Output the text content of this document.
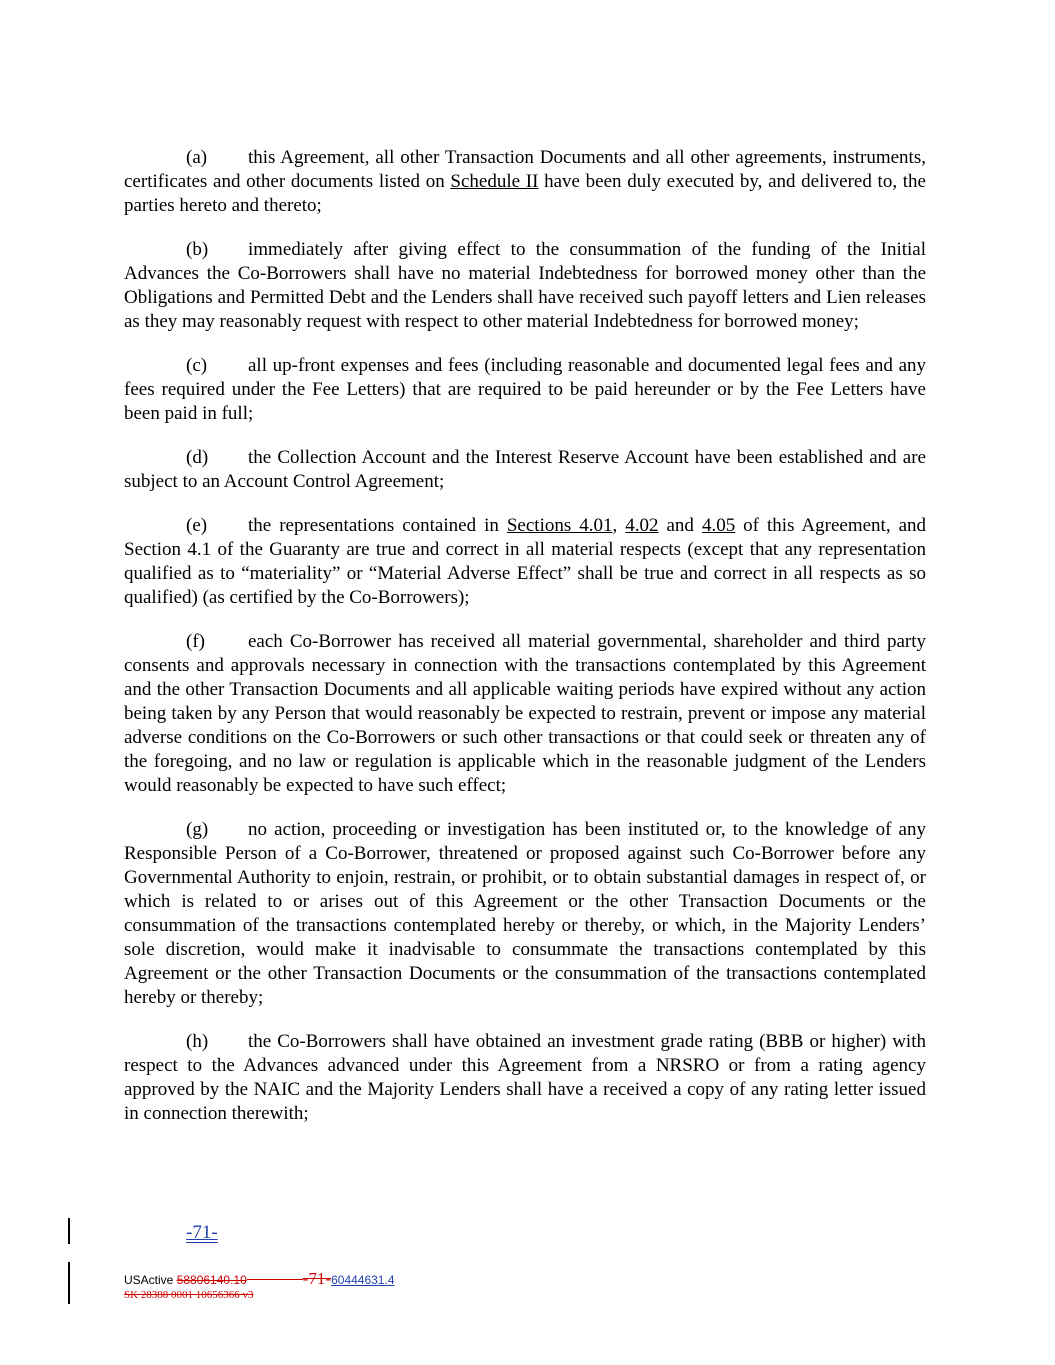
(a) this Agreement, all other Transaction Documents and all other agreements, instruments, certificates and other documents listed on Schedule II have been duly executed by, and delivered to, the parties hereto and thereto;

(b) immediately after giving effect to the consummation of the funding of the Initial Advances the Co-Borrowers shall have no material Indebtedness for borrowed money other than the Obligations and Permitted Debt and the Lenders shall have received such payoff letters and Lien releases as they may reasonably request with respect to other material Indebtedness for borrowed money;

(c) all up-front expenses and fees (including reasonable and documented legal fees and any fees required under the Fee Letters) that are required to be paid hereunder or by the Fee Letters have been paid in full;

(d) the Collection Account and the Interest Reserve Account have been established and are subject to an Account Control Agreement;

(e) the representations contained in Sections 4.01, 4.02 and 4.05 of this Agreement, and Section 4.1 of the Guaranty are true and correct in all material respects (except that any representation qualified as to “materiality” or “Material Adverse Effect” shall be true and correct in all respects as so qualified) (as certified by the Co-Borrowers);

(f) each Co-Borrower has received all material governmental, shareholder and third party consents and approvals necessary in connection with the transactions contemplated by this Agreement and the other Transaction Documents and all applicable waiting periods have expired without any action being taken by any Person that would reasonably be expected to restrain, prevent or impose any material adverse conditions on the Co-Borrowers or such other transactions or that could seek or threaten any of the foregoing, and no law or regulation is applicable which in the reasonable judgment of the Lenders would reasonably be expected to have such effect;

(g) no action, proceeding or investigation has been instituted or, to the knowledge of any Responsible Person of a Co-Borrower, threatened or proposed against such Co-Borrower before any Governmental Authority to enjoin, restrain, or prohibit, or to obtain substantial damages in respect of, or which is related to or arises out of this Agreement or the other Transaction Documents or the consummation of the transactions contemplated hereby or thereby, or which, in the Majority Lenders’ sole discretion, would make it inadvisable to consummate the transactions contemplated by this Agreement or the other Transaction Documents or the consummation of the transactions contemplated hereby or thereby;

(h) the Co-Borrowers shall have obtained an investment grade rating (BBB or higher) with respect to the Advances advanced under this Agreement from a NRSRO or from a rating agency approved by the NAIC and the Majority Lenders shall have a received a copy of any rating letter issued in connection therewith;

-71-
USActive 58806140.10	-71-60444631.4
SK 28388 0001 10656366 v3
